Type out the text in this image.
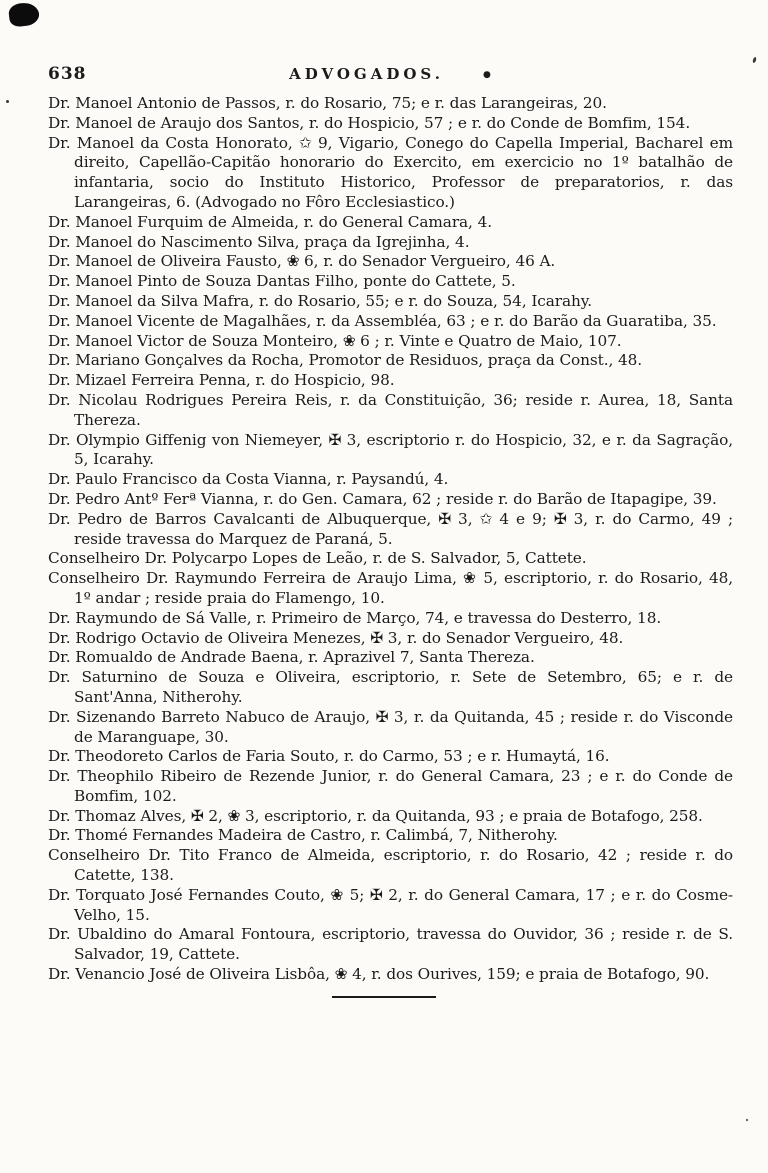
638	ADVOGADOS.	●

Dr. Manoel Antonio de Passos, r. do Rosario, 75; e r. das Larangeiras, 20.

Dr. Manoel de Araujo dos Santos, r. do Hospicio, 57 ; e r. do Conde de Bomfim, 154.

Dr. Manoel da Costa Honorato, ✩ 9, Vigario, Conego do Capella Imperial, Bacharel em direito, Capellão-Capitão honorario do Exercito, em exercicio no 1º batalhão de infantaria, socio do Instituto Historico, Professor de preparatorios, r. das Larangeiras, 6. (Advogado no Fôro Ecclesiastico.)

Dr. Manoel Furquim de Almeida, r. do General Camara, 4.

Dr. Manoel do Nascimento Silva, praça da Igrejinha, 4.

Dr. Manoel de Oliveira Fausto, ❀ 6, r. do Senador Vergueiro, 46 A.

Dr. Manoel Pinto de Souza Dantas Filho, ponte do Cattete, 5.

Dr. Manoel da Silva Mafra, r. do Rosario, 55; e r. do Souza, 54, Icarahy.

Dr. Manoel Vicente de Magalhães, r. da Assembléa, 63 ; e r. do Barão da Guaratiba, 35.

Dr. Manoel Victor de Souza Monteiro, ❀ 6 ; r. Vinte e Quatro de Maio, 107.

Dr. Mariano Gonçalves da Rocha, Promotor de Residuos, praça da Const., 48.

Dr. Mizael Ferreira Penna, r. do Hospicio, 98.

Dr. Nicolau Rodrigues Pereira Reis, r. da Constituição, 36; reside r. Aurea, 18, Santa Thereza.

Dr. Olympio Giffenig von Niemeyer, ✠ 3, escriptorio r. do Hospicio, 32, e r. da Sagração, 5, Icarahy.

Dr. Paulo Francisco da Costa Vianna, r. Paysandú, 4.

Dr. Pedro Antº Ferª Vianna, r. do Gen. Camara, 62 ; reside r. do Barão de Itapagipe, 39.

Dr. Pedro de Barros Cavalcanti de Albuquerque, ✠ 3, ✩ 4 e 9; ✠ 3, r. do Carmo, 49 ; reside travessa do Marquez de Paraná, 5.

Conselheiro Dr. Polycarpo Lopes de Leão, r. de S. Salvador, 5, Cattete.

Conselheiro Dr. Raymundo Ferreira de Araujo Lima, ❀ 5, escriptorio, r. do Rosario, 48, 1º andar ; reside praia do Flamengo, 10.

Dr. Raymundo de Sá Valle, r. Primeiro de Março, 74, e travessa do Desterro, 18.

Dr. Rodrigo Octavio de Oliveira Menezes, ✠ 3, r. do Senador Vergueiro, 48.

Dr. Romualdo de Andrade Baena, r. Aprazivel 7, Santa Thereza.

Dr. Saturnino de Souza e Oliveira, escriptorio, r. Sete de Setembro, 65; e r. de Sant'Anna, Nitherohy.

Dr. Sizenando Barreto Nabuco de Araujo, ✠ 3, r. da Quitanda, 45 ; reside r. do Visconde de Maranguape, 30.

Dr. Theodoreto Carlos de Faria Souto, r. do Carmo, 53 ; e r. Humaytá, 16.

Dr. Theophilo Ribeiro de Rezende Junior, r. do General Camara, 23 ; e r. do Conde de Bomfim, 102.

Dr. Thomaz Alves, ✠ 2, ❀ 3, escriptorio, r. da Quitanda, 93 ; e praia de Botafogo, 258.

Dr. Thomé Fernandes Madeira de Castro, r. Calimbá, 7, Nitherohy.

Conselheiro Dr. Tito Franco de Almeida, escriptorio, r. do Rosario, 42 ; reside r. do Catette, 138.

Dr. Torquato José Fernandes Couto, ❀ 5; ✠ 2, r. do General Camara, 17 ; e r. do Cosme-Velho, 15.

Dr. Ubaldino do Amaral Fontoura, escriptorio, travessa do Ouvidor, 36 ; reside r. de S. Salvador, 19, Cattete.

Dr. Venancio José de Oliveira Lisbôa, ❀ 4, r. dos Ourives, 159; e praia de Botafogo, 90.
